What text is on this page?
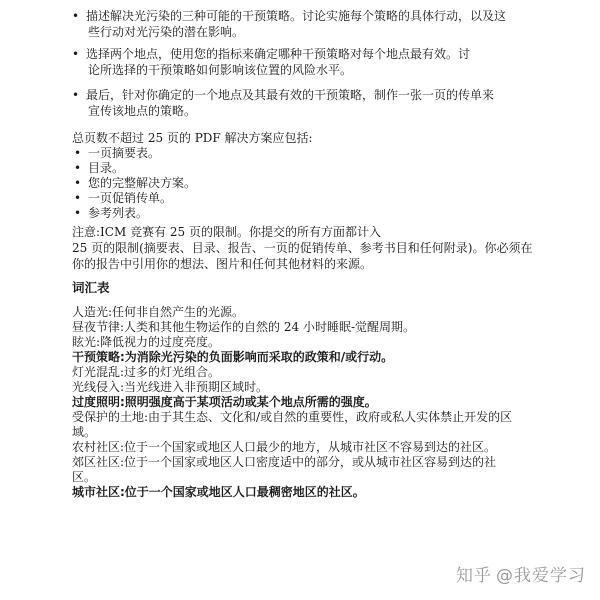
• 描述解决光污染的三种可能的干预策略。讨论实施每个策略的具体行动，以及这
些行动对光污染的潜在影响。
• 选择两个地点，使用您的指标来确定哪种干预策略对每个地点最有效。讨
论所选择的干预策略如何影响该位置的风险水平。
• 最后，针对你确定的一个地点及其最有效的干预策略，制作一张一页的传单来
宣传该地点的策略。
总页数不超过 25 页的 PDF 解决方案应包括:
• 一页摘要表。
• 目录。
• 您的完整解决方案。
• 一页促销传单。
• 参考列表。
注意:ICM 竞赛有 25 页的限制。你提交的所有方面都计入
25 页的限制(摘要表、目录、报告、一页的促销传单、参考书目和任何附录)。你必须在
你的报告中引用你的想法、图片和任何其他材料的来源。
词汇表
人造光:任何非自然产生的光源。
昼夜节律:人类和其他生物运作的自然的 24 小时睡眠-觉醒周期。
眩光:降低视力的过度亮度。
干预策略:为消除光污染的负面影响而采取的政策和/或行动。
灯光混乱:过多的灯光组合。
光线侵入:当光线进入非预期区域时。
过度照明:照明强度高于某项活动或某个地点所需的强度。
受保护的土地:由于其生态、文化和/或自然的重要性，政府或私人实体禁止开发的区
域。
农村社区:位于一个国家或地区人口最少的地方，从城市社区不容易到达的社区。
郊区社区:位于一个国家或地区人口密度适中的部分，或从城市社区容易到达的社
区。
城市社区:位于一个国家或地区人口最稠密地区的社区。
知乎 @我爱学习
